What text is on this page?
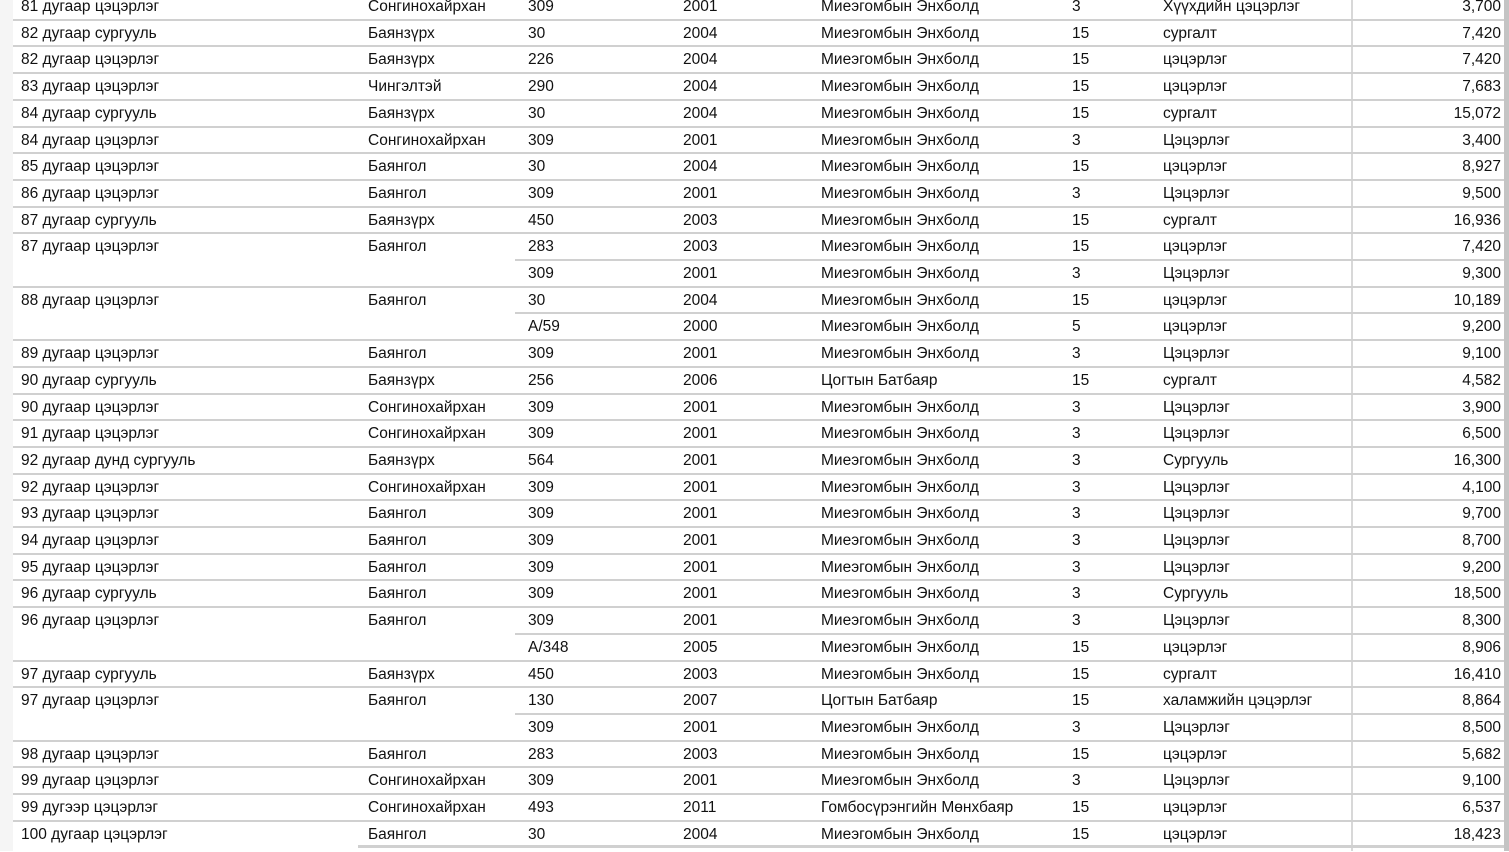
81 дугаар цэцэрлэг	Сонгинохайрхан	309	2001	Миеэгомбын Энхболд	3	Хүүхдийн цэцэрлэг	3,700
82 дугаар сургууль	Баянзүрх	30	2004	Миеэгомбын Энхболд	15	сургалт	7,420
82 дугаар цэцэрлэг	Баянзүрх	226	2004	Миеэгомбын Энхболд	15	цэцэрлэг	7,420
83 дугаар цэцэрлэг	Чингэлтэй	290	2004	Миеэгомбын Энхболд	15	цэцэрлэг	7,683
84 дугаар сургууль	Баянзүрх	30	2004	Миеэгомбын Энхболд	15	сургалт	15,072
84 дугаар цэцэрлэг	Сонгинохайрхан	309	2001	Миеэгомбын Энхболд	3	Цэцэрлэг	3,400
85 дугаар цэцэрлэг	Баянгол	30	2004	Миеэгомбын Энхболд	15	цэцэрлэг	8,927
86 дугаар цэцэрлэг	Баянгол	309	2001	Миеэгомбын Энхболд	3	Цэцэрлэг	9,500
87 дугаар сургууль	Баянзүрх	450	2003	Миеэгомбын Энхболд	15	сургалт	16,936
87 дугаар цэцэрлэг	Баянгол	283	2003	Миеэгомбын Энхболд	15	цэцэрлэг	7,420
309	2001	Миеэгомбын Энхболд	3	Цэцэрлэг	9,300
88 дугаар цэцэрлэг	Баянгол	30	2004	Миеэгомбын Энхболд	15	цэцэрлэг	10,189
А/59	2000	Миеэгомбын Энхболд	5	цэцэрлэг	9,200
89 дугаар цэцэрлэг	Баянгол	309	2001	Миеэгомбын Энхболд	3	Цэцэрлэг	9,100
90 дугаар сургууль	Баянзүрх	256	2006	Цогтын Батбаяр	15	сургалт	4,582
90 дугаар цэцэрлэг	Сонгинохайрхан	309	2001	Миеэгомбын Энхболд	3	Цэцэрлэг	3,900
91 дугаар цэцэрлэг	Сонгинохайрхан	309	2001	Миеэгомбын Энхболд	3	Цэцэрлэг	6,500
92 дугаар дунд сургууль	Баянзүрх	564	2001	Миеэгомбын Энхболд	3	Сургууль	16,300
92 дугаар цэцэрлэг	Сонгинохайрхан	309	2001	Миеэгомбын Энхболд	3	Цэцэрлэг	4,100
93 дугаар цэцэрлэг	Баянгол	309	2001	Миеэгомбын Энхболд	3	Цэцэрлэг	9,700
94 дугаар цэцэрлэг	Баянгол	309	2001	Миеэгомбын Энхболд	3	Цэцэрлэг	8,700
95 дугаар цэцэрлэг	Баянгол	309	2001	Миеэгомбын Энхболд	3	Цэцэрлэг	9,200
96 дугаар сургууль	Баянгол	309	2001	Миеэгомбын Энхболд	3	Сургууль	18,500
96 дугаар цэцэрлэг	Баянгол	309	2001	Миеэгомбын Энхболд	3	Цэцэрлэг	8,300
А/348	2005	Миеэгомбын Энхболд	15	цэцэрлэг	8,906
97 дугаар сургууль	Баянзүрх	450	2003	Миеэгомбын Энхболд	15	сургалт	16,410
97 дугаар цэцэрлэг	Баянгол	130	2007	Цогтын Батбаяр	15	халамжийн цэцэрлэг	8,864
309	2001	Миеэгомбын Энхболд	3	Цэцэрлэг	8,500
98 дугаар цэцэрлэг	Баянгол	283	2003	Миеэгомбын Энхболд	15	цэцэрлэг	5,682
99 дугаар цэцэрлэг	Сонгинохайрхан	309	2001	Миеэгомбын Энхболд	3	Цэцэрлэг	9,100
99 дугээр цэцэрлэг	Сонгинохайрхан	493	2011	Гомбосүрэнгийн Мөнхбаяр	15	цэцэрлэг	6,537
100 дугаар цэцэрлэг	Баянгол	30	2004	Миеэгомбын Энхболд	15	цэцэрлэг	18,423
